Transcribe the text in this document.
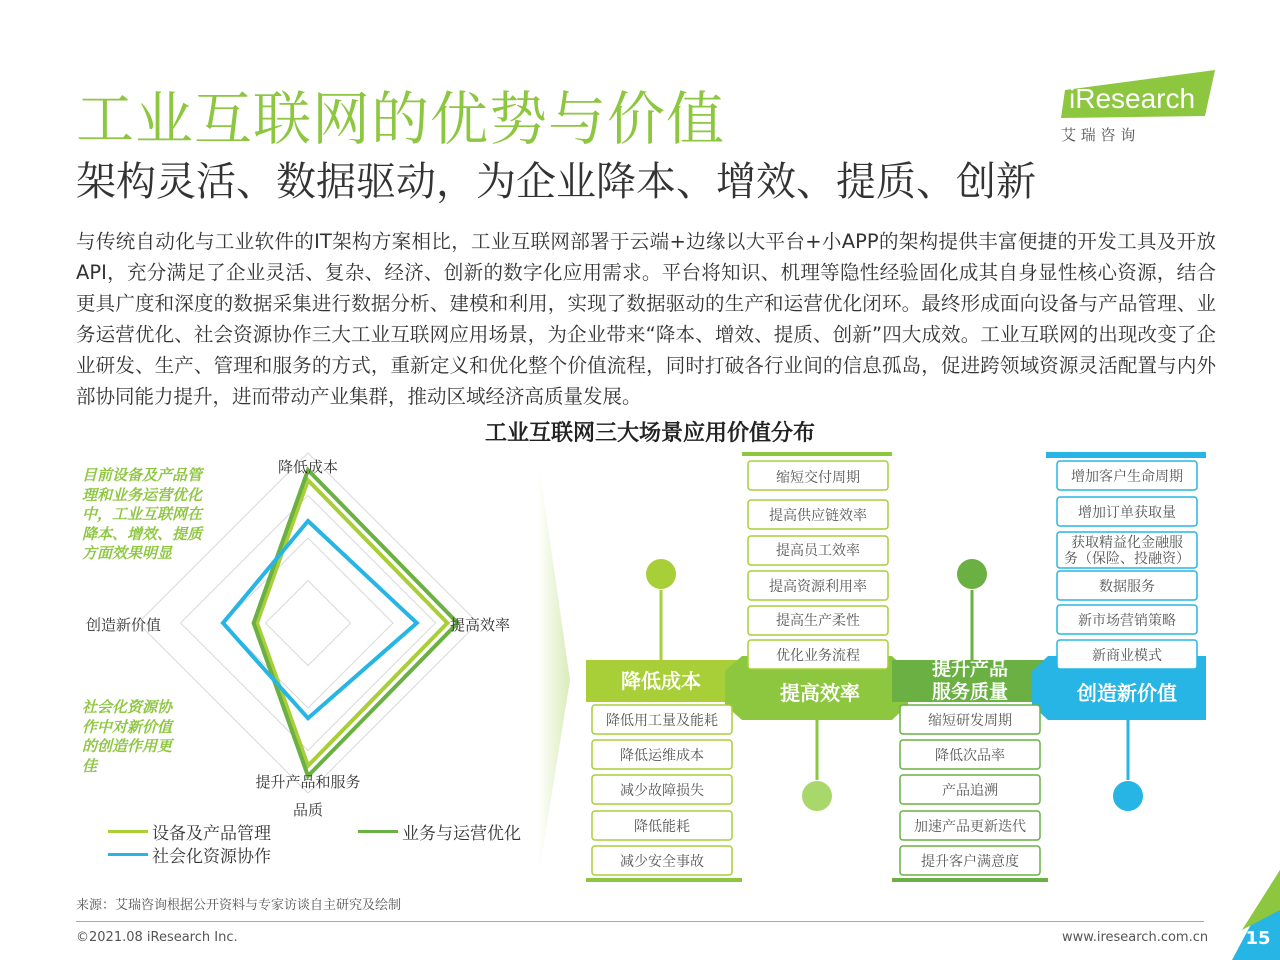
工业互联网的优势与价值
架构灵活、数据驱动，为企业降本、增效、提质、创新
iResearch
艾 瑞 咨 询
与传统自动化与工业软件的IT架构方案相比，工业互联网部署于云端+边缘以大平台+小APP的架构提供丰富便捷的开发工具及开放API，充分满足了企业灵活、复杂、经济、创新的数字化应用需求。平台将知识、机理等隐性经验固化成其自身显性核心资源，结合更具广度和深度的数据采集进行数据分析、建模和利用，实现了数据驱动的生产和运营优化闭环。最终形成面向设备与产品管理、业务运营优化、社会资源协作三大工业互联网应用场景，为企业带来“降本、增效、提质、创新”四大成效。工业互联网的出现改变了企业研发、生产、管理和服务的方式，重新定义和优化整个价值流程，同时打破各行业间的信息孤岛，促进跨领域资源灵活配置与内外部协同能力提升，进而带动产业集群，推动区域经济高质量发展。
工业互联网三大场景应用价值分布
降低成本
提高效率
提升产品和服务品质
创造新价值
目前设备及产品管理和业务运营优化中，工业互联网在降本、增效、提质方面效果明显
社会化资源协作中对新价值的创造作用更佳
设备及产品管理	业务与运营优化
社会化资源协作
降低成本	提高效率
提升产品
服务质量	创造新价值
缩短交付周期
提高供应链效率
提高员工效率
提高资源利用率
提高生产柔性
优化业务流程
增加客户生命周期
增加订单获取量
获取精益化金融服
务（保险、投融资）
数据服务
新市场营销策略
新商业模式
降低用工量及能耗
降低运维成本
减少故障损失
降低能耗
减少安全事故
缩短研发周期
降低次品率
产品追溯
加速产品更新迭代
提升客户满意度
来源：艾瑞咨询根据公开资料与专家访谈自主研究及绘制
©2021.08 iResearch Inc.	www.iresearch.com.cn	15
